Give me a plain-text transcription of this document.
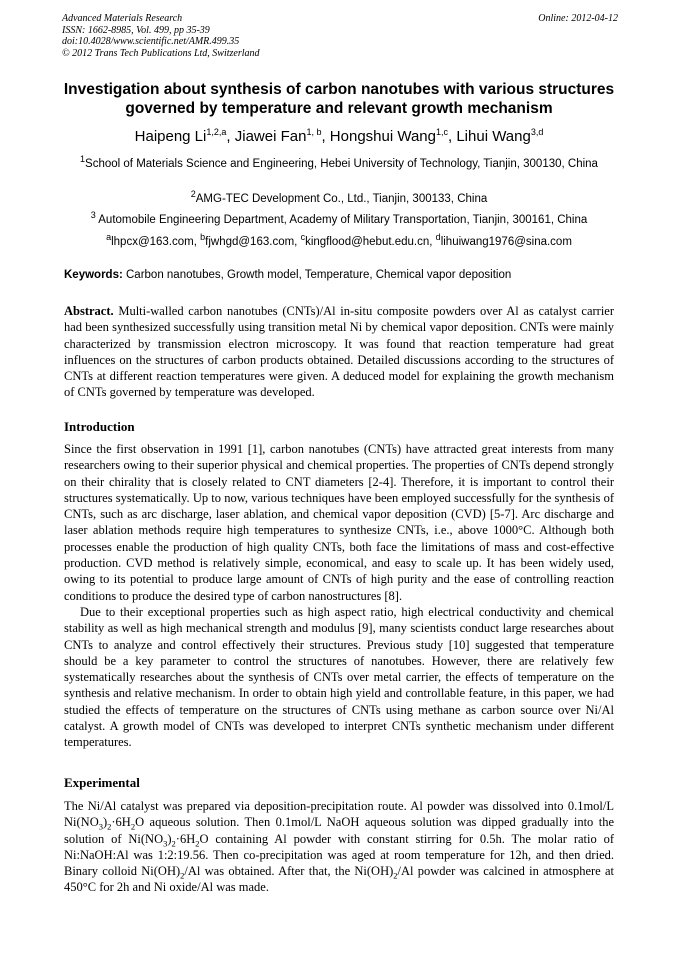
Advanced Materials Research
ISSN: 1662-8985, Vol. 499, pp 35-39
doi:10.4028/www.scientific.net/AMR.499.35
© 2012 Trans Tech Publications Ltd, Switzerland
Online: 2012-04-12
Investigation about synthesis of carbon nanotubes with various structures governed by temperature and relevant growth mechanism
Haipeng Li$^{1,2,a}$, Jiawei Fan$^{1, b}$, Hongshui Wang$^{1,c}$, Lihui Wang$^{3,d}$
$^1$School of Materials Science and Engineering, Hebei University of Technology, Tianjin, 300130, China
$^2$AMG-TEC Development Co., Ltd., Tianjin, 300133, China
$^3$ Automobile Engineering Department, Academy of Military Transportation, Tianjin, 300161, China
$^a$lhpcx@163.com, $^b$fjwhgd@163.com, $^c$kingflood@hebut.edu.cn, $^d$lihuiwang1976@sina.com
Keywords: Carbon nanotubes, Growth model, Temperature, Chemical vapor deposition
Abstract. Multi-walled carbon nanotubes (CNTs)/Al in-situ composite powders over Al as catalyst carrier had been synthesized successfully using transition metal Ni by chemical vapor deposition. CNTs were mainly characterized by transmission electron microscopy. It was found that reaction temperature had great influences on the structures of carbon products obtained. Detailed discussions according to the structures of CNTs at different reaction temperatures were given. A deduced model for explaining the growth mechanism of CNTs governed by temperature was developed.
Introduction

Since the first observation in 1991 [1], carbon nanotubes (CNTs) have attracted great interests from many researchers owing to their superior physical and chemical properties. The properties of CNTs depend strongly on their chirality that is closely related to CNT diameters [2-4]. Therefore, it is important to control their structures systematically. Up to now, various techniques have been employed successfully for the synthesis of CNTs, such as arc discharge, laser ablation, and chemical vapor deposition (CVD) [5-7]. Arc discharge and laser ablation methods require high temperatures to synthesize CNTs, i.e., above 1000°C. Although both processes enable the production of high quality CNTs, both face the limitations of mass and cost-effective production. CVD method is relatively simple, economical, and easy to scale up. It has been widely used, owing to its potential to produce large amount of CNTs of high purity and the ease of controlling reaction conditions to produce the desired type of carbon nanostructures [8].

Due to their exceptional properties such as high aspect ratio, high electrical conductivity and chemical stability as well as high mechanical strength and modulus [9], many scientists conduct large researches about CNTs to analyze and control effectively their structures. Previous study [10] suggested that temperature should be a key parameter to control the structures of nanotubes. However, there are relatively few systematically researches about the synthesis of CNTs over metal carrier, the effects of temperature on the synthesis and relative mechanism. In order to obtain high yield and controllable feature, in this paper, we had studied the effects of temperature on the structures of CNTs using methane as carbon source over Ni/Al catalyst. A growth model of CNTs was developed to interpret CNTs synthetic mechanism under different temperatures.

Experimental

The Ni/Al catalyst was prepared via deposition-precipitation route. Al powder was dissolved into 0.1mol/L $Ni(NO_3)_2\cdot 6H_2O$ aqueous solution. Then 0.1mol/L NaOH aqueous solution was dipped gradually into the solution of $Ni(NO_3)_2\cdot 6H_2O$ containing Al powder with constant stirring for 0.5h. The molar ratio of Ni:NaOH:Al was 1:2:19.56. Then co-precipitation was aged at room temperature for 12h, and then dried. Binary colloid $Ni(OH)_2/Al$ was obtained. After that, the $Ni(OH)_2/Al$ powder was calcined in atmosphere at 450°C for 2h and Ni oxide/Al was made.
